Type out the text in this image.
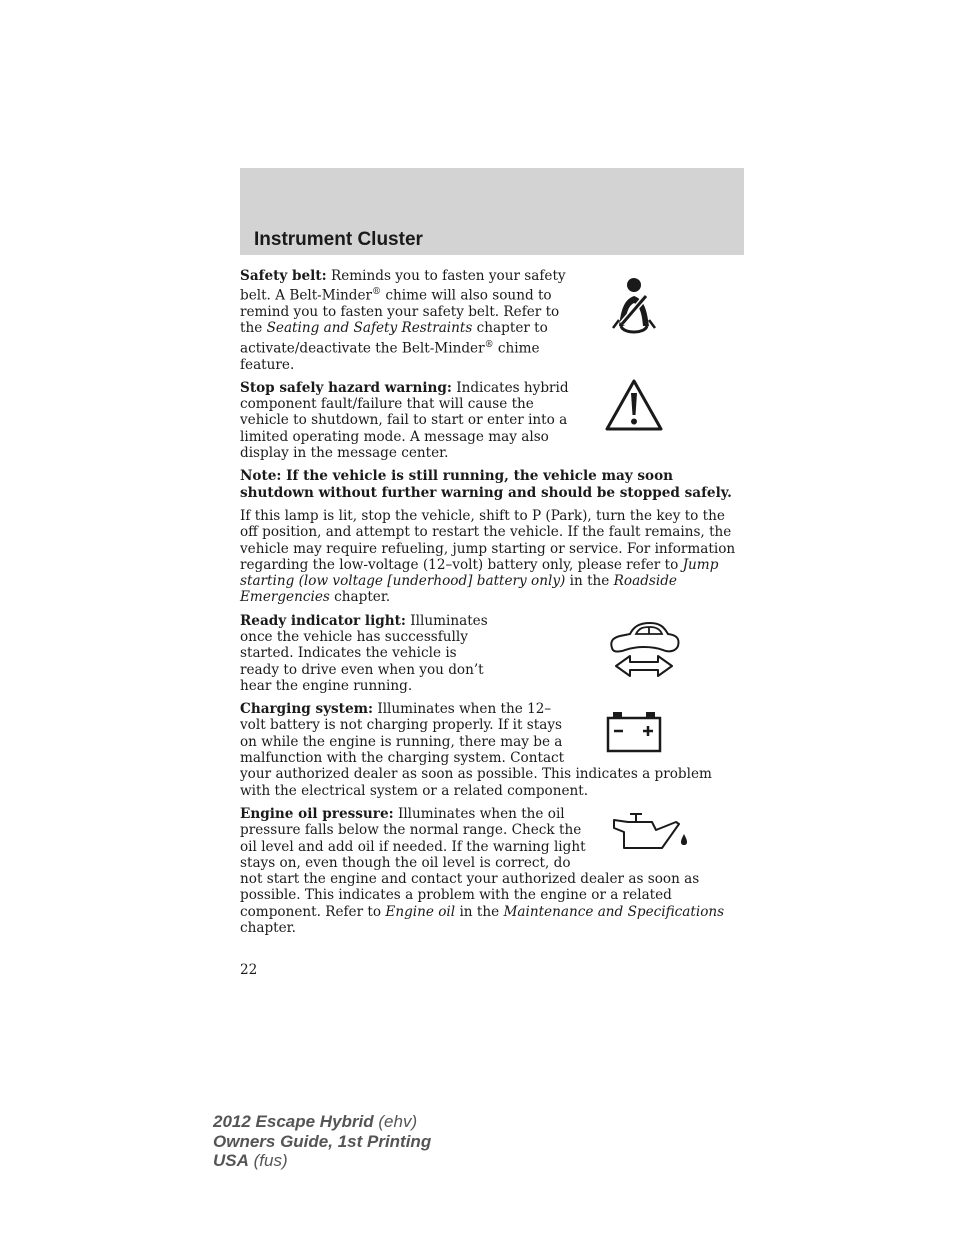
Instrument Cluster
Safety belt: Reminds you to fasten your safety belt. A Belt-Minder® chime will also sound to remind you to fasten your safety belt. Refer to the Seating and Safety Restraints chapter to activate/deactivate the Belt-Minder® chime feature.
Stop safely hazard warning: Indicates hybrid component fault/failure that will cause the vehicle to shutdown, fail to start or enter into a limited operating mode. A message may also display in the message center.
Note: If the vehicle is still running, the vehicle may soon shutdown without further warning and should be stopped safely.
If this lamp is lit, stop the vehicle, shift to P (Park), turn the key to the off position, and attempt to restart the vehicle. If the fault remains, the vehicle may require refueling, jump starting or service. For information regarding the low-voltage (12–volt) battery only, please refer to Jump starting (low voltage [underhood] battery only) in the Roadside Emergencies chapter.
Ready indicator light: Illuminates once the vehicle has successfully started. Indicates the vehicle is ready to drive even when you don’t hear the engine running.
Charging system: Illuminates when the 12–volt battery is not charging properly. If it stays on while the engine is running, there may be a malfunction with the charging system. Contact your authorized dealer as soon as possible. This indicates a problem with the electrical system or a related component.
Engine oil pressure: Illuminates when the oil pressure falls below the normal range. Check the oil level and add oil if needed. If the warning light stays on, even though the oil level is correct, do not start the engine and contact your authorized dealer as soon as possible. This indicates a problem with the engine or a related component. Refer to Engine oil in the Maintenance and Specifications chapter.
22
2012 Escape Hybrid (ehv)
Owners Guide, 1st Printing
USA (fus)
